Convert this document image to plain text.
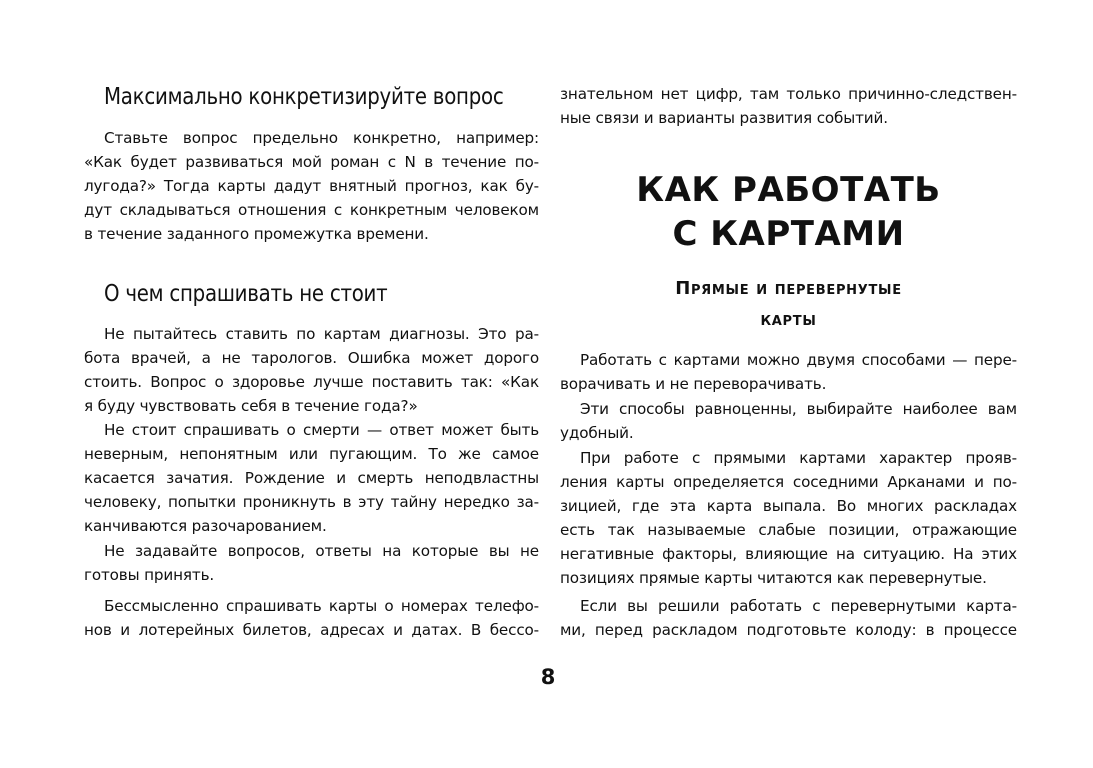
Максимально конкретизируйте вопрос
Ставьте вопрос предельно конкретно, например:
«Как будет развиваться мой роман с N в течение по-
лугода?» Тогда карты дадут внятный прогноз, как бу-
дут складываться отношения с конкретным человеком
в течение заданного промежутка времени.
О чем спрашивать не стоит
Не пытайтесь ставить по картам диагнозы. Это ра-
бота врачей, а не тарологов. Ошибка может дорого
стоить. Вопрос о здоровье лучше поставить так: «Как
я буду чувствовать себя в течение года?»
Не стоит спрашивать о смерти — ответ может быть
неверным, непонятным или пугающим. То же самое
касается зачатия. Рождение и смерть неподвластны
человеку, попытки проникнуть в эту тайну нередко за-
канчиваются разочарованием.
Не задавайте вопросов, ответы на которые вы не
готовы принять.
Бессмысленно спрашивать карты о номерах телефо-
нов и лотерейных билетов, адресах и датах. В бессо-
знательном нет цифр, там только причинно-следствен-
ные связи и варианты развития событий.
КАК РАБОТАТЬ
С КАРТАМИ
Прямые и перевернутые
карты
Работать с картами можно двумя способами — пере-
ворачивать и не переворачивать.
Эти способы равноценны, выбирайте наиболее вам
удобный.
При работе с прямыми картами характер прояв-
ления карты определяется соседними Арканами и по-
зицией, где эта карта выпала. Во многих раскладах
есть так называемые слабые позиции, отражающие
негативные факторы, влияющие на ситуацию. На этих
позициях прямые карты читаются как перевернутые.
Если вы решили работать с перевернутыми карта-
ми, перед раскладом подготовьте колоду: в процессе
8
